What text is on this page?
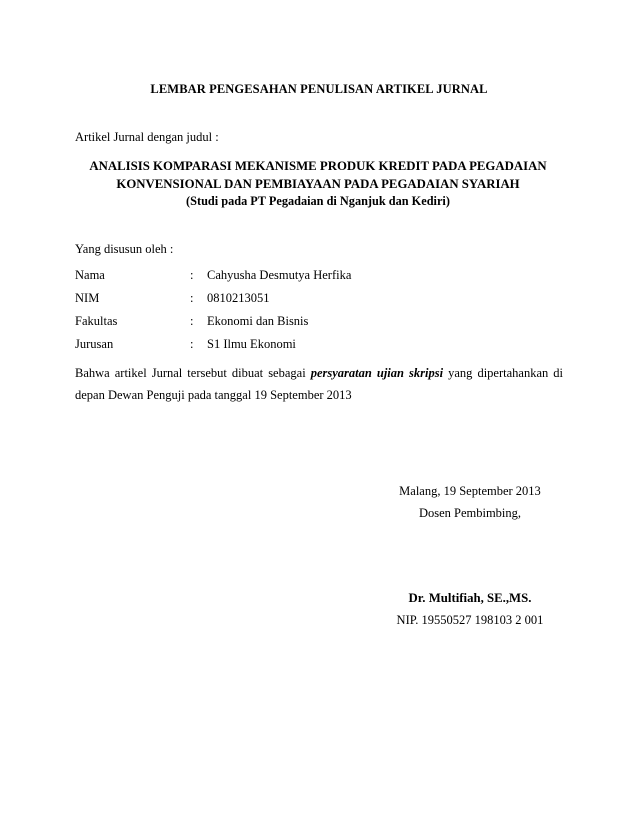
LEMBAR PENGESAHAN PENULISAN ARTIKEL JURNAL
Artikel Jurnal dengan judul :
ANALISIS KOMPARASI MEKANISME PRODUK KREDIT PADA PEGADAIAN
KONVENSIONAL DAN PEMBIAYAAN PADA PEGADAIAN SYARIAH
(Studi pada PT Pegadaian di Nganjuk dan Kediri)
Yang disusun oleh :
Nama	: Cahyusha Desmutya Herfika
NIM	: 0810213051
Fakultas	: Ekonomi dan Bisnis
Jurusan	: S1 Ilmu Ekonomi
Bahwa artikel Jurnal tersebut dibuat sebagai persyaratan ujian skripsi yang dipertahankan di
depan Dewan Penguji pada tanggal 19 September 2013
Malang, 19 September 2013
Dosen Pembimbing,
Dr. Multifiah, SE.,MS.
NIP. 19550527 198103 2 001
